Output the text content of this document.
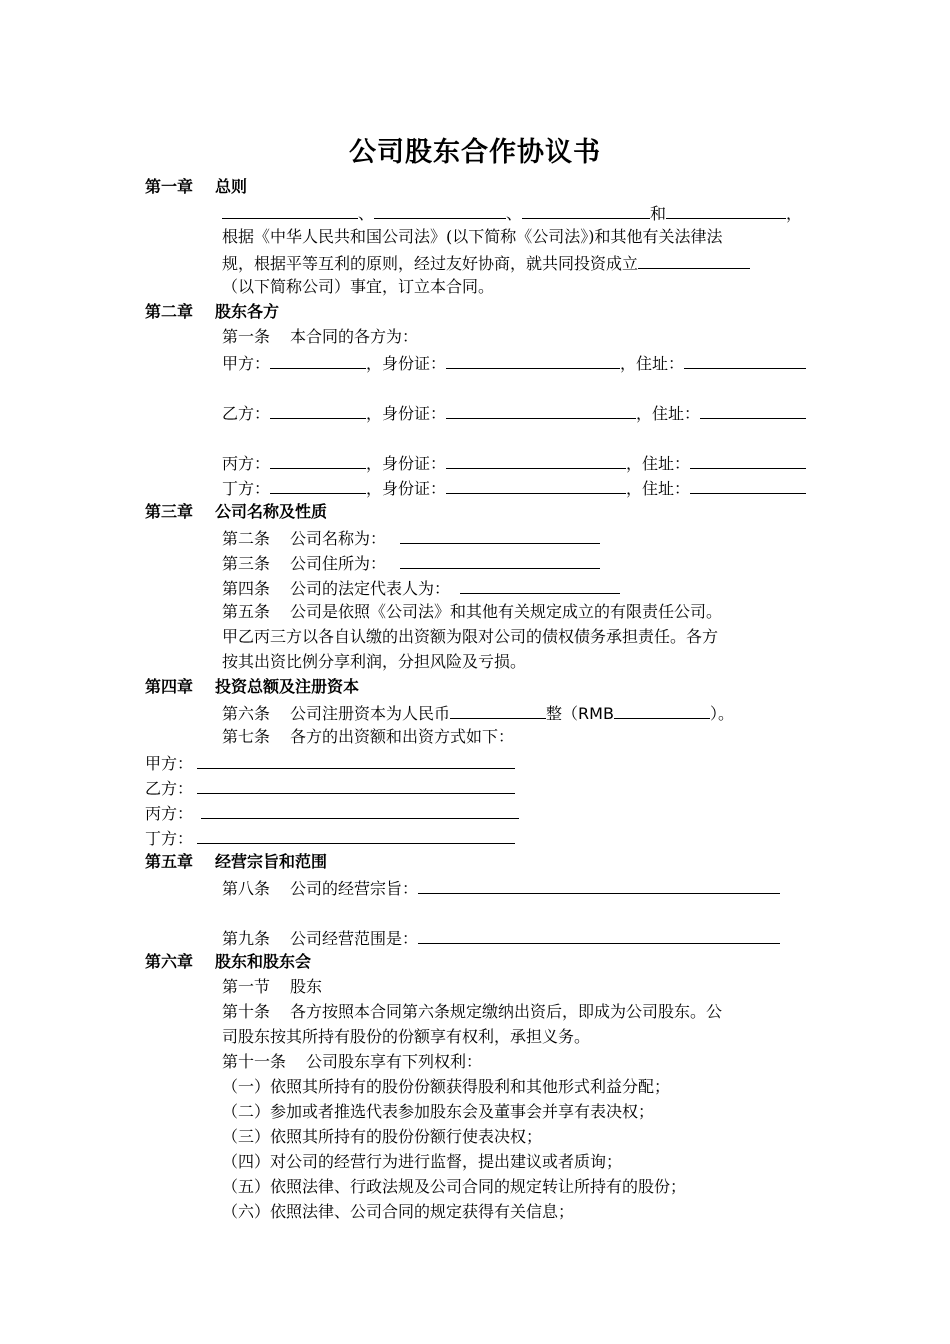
公司股东合作协议书
第一章 总则
、	、	和	，
根据《中华人民共和国公司法》(以下简称《公司法》)和其他有关法律法
规，根据平等互利的原则，经过友好协商，就共同投资成立
（以下简称公司）事宜，订立本合同。
第二章 股东各方
第一条 本合同的各方为：
甲方：	，身份证：	，住址：
乙方：	，身份证：	，住址：
丙方：	，身份证：	，住址：
丁方：	，身份证：	，住址：
第三章 公司名称及性质
第二条 公司名称为：
第三条 公司住所为：
第四条 公司的法定代表人为：
第五条 公司是依照《公司法》和其他有关规定成立的有限责任公司。
甲乙丙三方以各自认缴的出资额为限对公司的债权债务承担责任。各方
按其出资比例分享利润，分担风险及亏损。
第四章 投资总额及注册资本
第六条 公司注册资本为人民币	整（RMB	）。
第七条 各方的出资额和出资方式如下：
甲方：
乙方：
丙方：
丁方：
第五章 经营宗旨和范围
第八条 公司的经营宗旨：
第九条 公司经营范围是：
第六章 股东和股东会
第一节 股东
第十条 各方按照本合同第六条规定缴纳出资后，即成为公司股东。公
司股东按其所持有股份的份额享有权利，承担义务。
第十一条 公司股东享有下列权利：
（一）依照其所持有的股份份额获得股利和其他形式利益分配；
（二）参加或者推选代表参加股东会及董事会并享有表决权；
（三）依照其所持有的股份份额行使表决权；
（四）对公司的经营行为进行监督，提出建议或者质询；
（五）依照法律、行政法规及公司合同的规定转让所持有的股份；
（六）依照法律、公司合同的规定获得有关信息；
